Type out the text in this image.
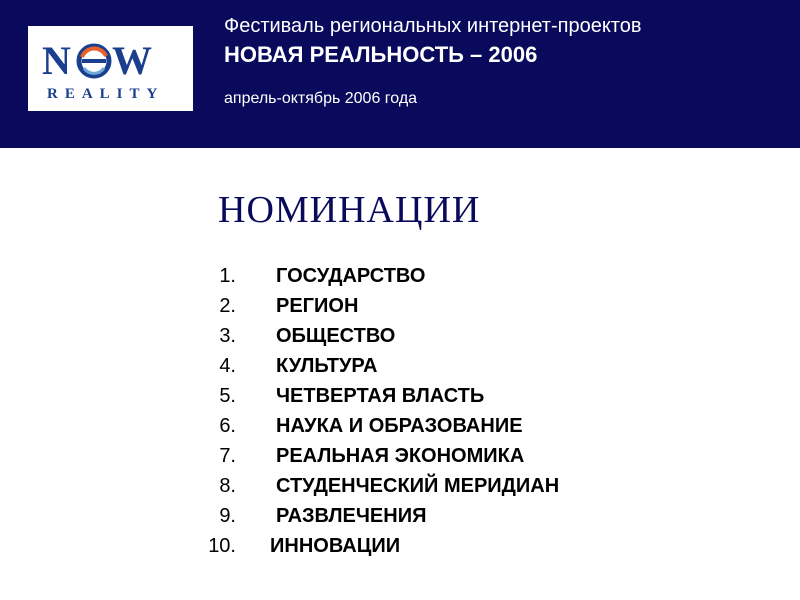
N W
REALITY
Фестиваль региональных интернет-проектов
НОВАЯ РЕАЛЬНОСТЬ – 2006
апрель-октябрь 2006 года
НОМИНАЦИИ
1. ГОСУДАРСТВО
2. РЕГИОН
3. ОБЩЕСТВО
4. КУЛЬТУРА
5. ЧЕТВЕРТАЯ ВЛАСТЬ
6. НАУКА И ОБРАЗОВАНИЕ
7. РЕАЛЬНАЯ ЭКОНОМИКА
8. СТУДЕНЧЕСКИЙ МЕРИДИАН
9. РАЗВЛЕЧЕНИЯ
10. ИННОВАЦИИ
